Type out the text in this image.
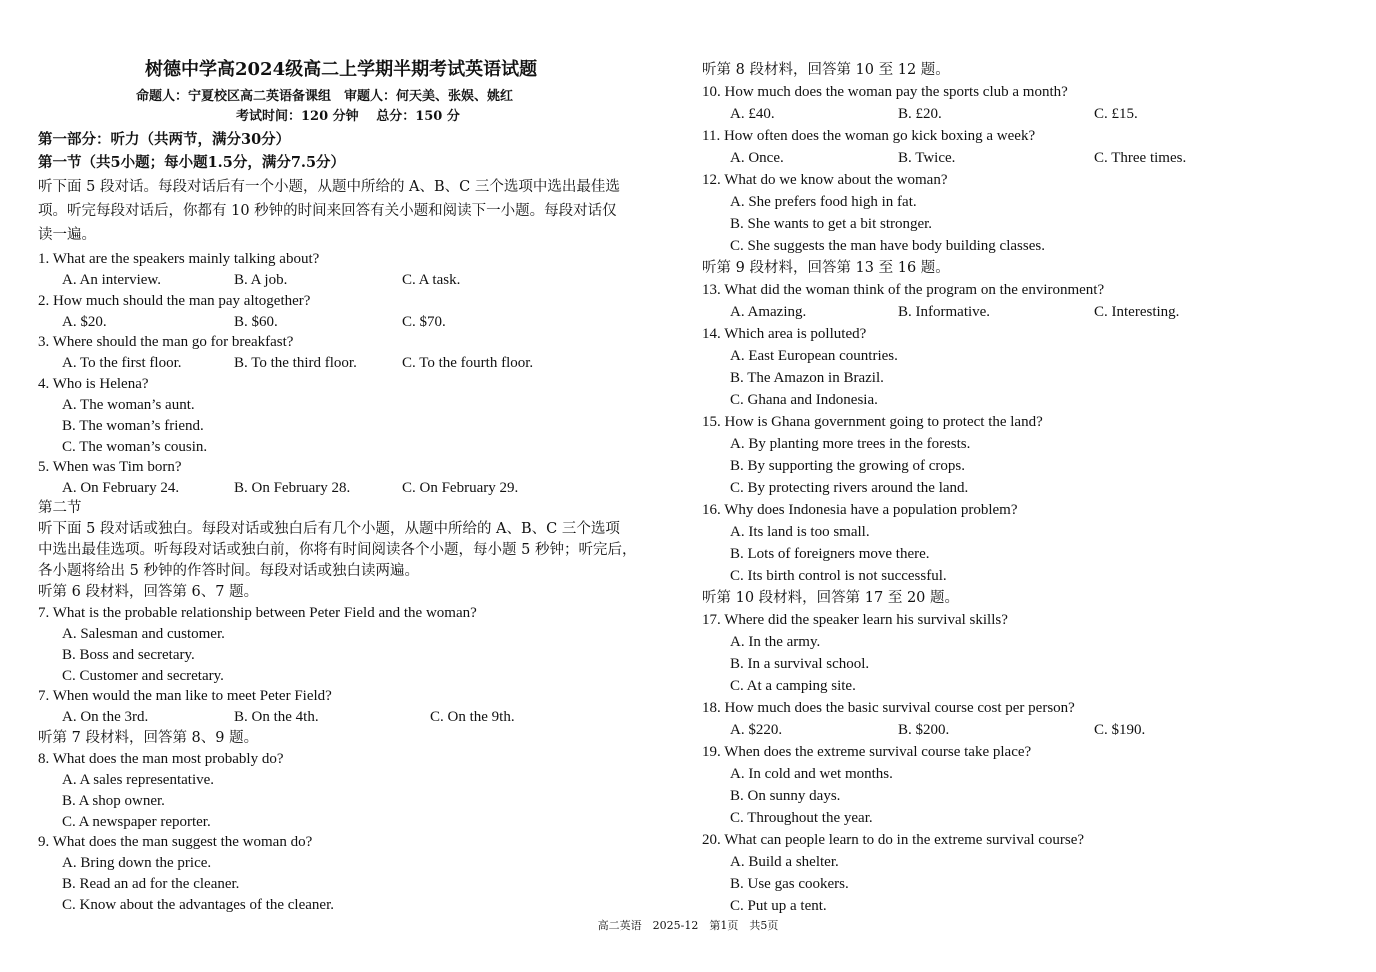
树德中学高2024级高二上学期半期考试英语试题
命题人：宁夏校区高二英语备课组　审题人：何天美、张娱、姚红
考试时间：120 分钟　 总分：150 分
第一部分：听力（共两节，满分30分）
第一节（共5小题；每小题1.5分，满分7.5分）
听下面 5 段对话。每段对话后有一个小题，从题中所给的 A、B、C 三个选项中选出最佳选
项。听完每段对话后，你都有 10 秒钟的时间来回答有关小题和阅读下一小题。每段对话仅
读一遍。
1. What are the speakers mainly talking about?
A. An interview.	B. A job.	C. A task.
2. How much should the man pay altogether?
A. $20.	B. $60.	C. $70.
3. Where should the man go for breakfast?
A. To the first floor.	B. To the third floor.	C. To the fourth floor.
4. Who is Helena?
A. The woman’s aunt.
B. The woman’s friend.
C. The woman’s cousin.
5. When was Tim born?
A. On February 24.	B. On February 28.	C. On February 29.
第二节
听下面 5 段对话或独白。每段对话或独白后有几个小题，从题中所给的 A、B、C 三个选项
中选出最佳选项。听每段对话或独白前，你将有时间阅读各个小题，每小题 5 秒钟；听完后，
各小题将给出 5 秒钟的作答时间。每段对话或独白读两遍。
听第 6 段材料，回答第 6、7 题。
7. What is the probable relationship between Peter Field and the woman?
A. Salesman and customer.
B. Boss and secretary.
C. Customer and secretary.
7. When would the man like to meet Peter Field?
A. On the 3rd.	B. On the 4th.	C. On the 9th.
听第 7 段材料，回答第 8、9 题。
8. What does the man most probably do?
A. A sales representative.
B. A shop owner.
C. A newspaper reporter.
9. What does the man suggest the woman do?
A. Bring down the price.
B. Read an ad for the cleaner.
C. Know about the advantages of the cleaner.
听第 8 段材料，回答第 10 至 12 题。
10. How much does the woman pay the sports club a month?
A. £40.	B. £20.	C. £15.
11. How often does the woman go kick boxing a week?
A. Once.	B. Twice.	C. Three times.
12. What do we know about the woman?
A. She prefers food high in fat.
B. She wants to get a bit stronger.
C. She suggests the man have body building classes.
听第 9 段材料，回答第 13 至 16 题。
13. What did the woman think of the program on the environment?
A. Amazing.	B. Informative.	C. Interesting.
14. Which area is polluted?
A. East European countries.
B. The Amazon in Brazil.
C. Ghana and Indonesia.
15. How is Ghana government going to protect the land?
A. By planting more trees in the forests.
B. By supporting the growing of crops.
C. By protecting rivers around the land.
16. Why does Indonesia have a population problem?
A. Its land is too small.
B. Lots of foreigners move there.
C. Its birth control is not successful.
听第 10 段材料，回答第 17 至 20 题。
17. Where did the speaker learn his survival skills?
A. In the army.
B. In a survival school.
C. At a camping site.
18. How much does the basic survival course cost per person?
A. $220.	B. $200.	C. $190.
19. When does the extreme survival course take place?
A. In cold and wet months.
B. On sunny days.
C. Throughout the year.
20. What can people learn to do in the extreme survival course?
A. Build a shelter.
B. Use gas cookers.
C. Put up a tent.
高二英语　2025-12　第1页　共5页
